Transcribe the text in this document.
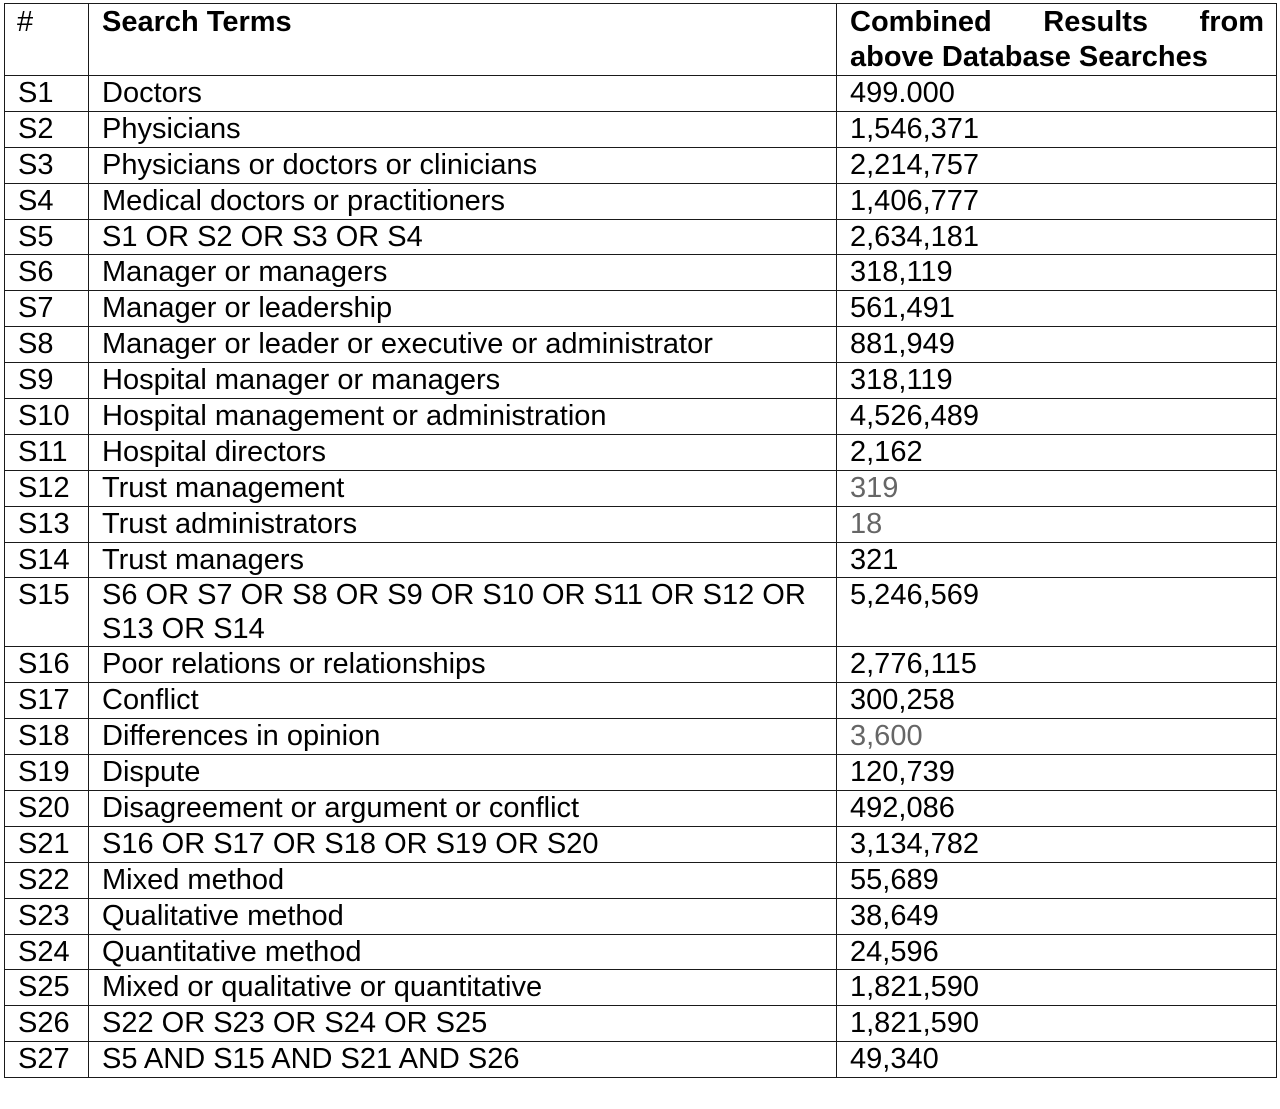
#	Search Terms	Combined Results from
above Database Searches

S1	Doctors	499.000
S2	Physicians	1,546,371
S3	Physicians or doctors or clinicians	2,214,757
S4	Medical doctors or practitioners	1,406,777
S5	S1 OR S2 OR S3 OR S4	2,634,181
S6	Manager or managers	318,119
S7	Manager or leadership	561,491
S8	Manager or leader or executive or administrator	881,949
S9	Hospital manager or managers	318,119
S10	Hospital management or administration	4,526,489
S11	Hospital directors	2,162
S12	Trust management	319
S13	Trust administrators	18
S14	Trust managers	321
S15	S6 OR S7 OR S8 OR S9 OR S10 OR S11 OR S12 OR S13 OR S14	5,246,569
S16	Poor relations or relationships	2,776,115
S17	Conflict	300,258
S18	Differences in opinion	3,600
S19	Dispute	120,739
S20	Disagreement or argument or conflict	492,086
S21	S16 OR S17 OR S18 OR S19 OR S20	3,134,782
S22	Mixed method	55,689
S23	Qualitative method	38,649
S24	Quantitative method	24,596
S25	Mixed or qualitative or quantitative	1,821,590
S26	S22 OR S23 OR S24 OR S25	1,821,590
S27	S5 AND S15 AND S21 AND S26	49,340
